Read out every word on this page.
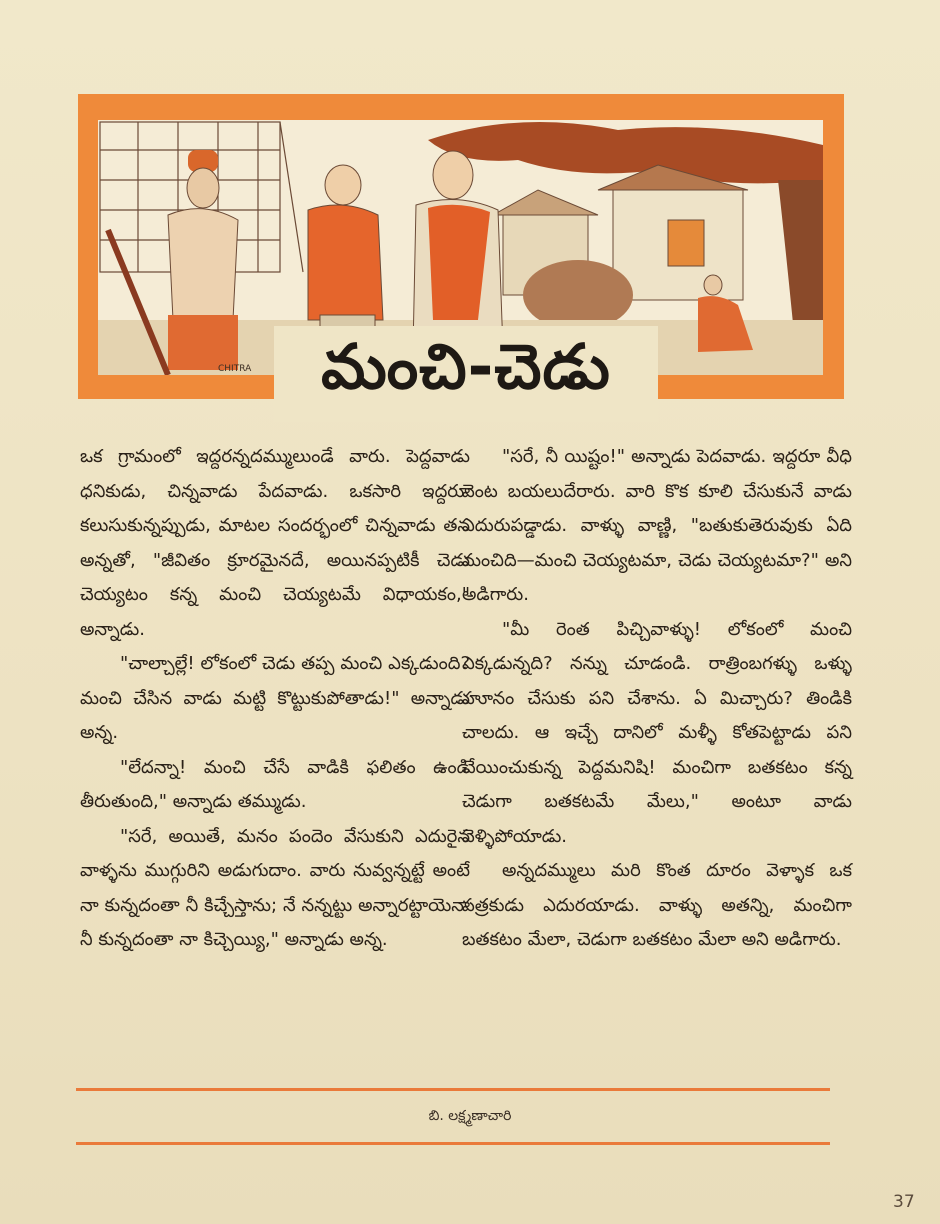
CHITRA మంచి-చెడు

ఒక గ్రామంలో ఇద్దరన్నదమ్ములుండే వారు. పెద్దవాడు ధనికుడు, చిన్నవాడు పేదవాడు. ఒకసారి ఇద్దరూ కలుసుకున్నప్పుడు, మాటల సందర్భంలో చిన్నవాడు తన అన్నతో, "జీవితం క్రూరమైనదే, అయినప్పటికీ చెడు చెయ్యటం కన్న మంచి చెయ్యటమే విధాయకం," అన్నాడు.

"చాల్చాల్లే! లోకంలో చెడు తప్ప మంచి ఎక్కడుంది? మంచి చేసిన వాడు మట్టి కొట్టుకుపోతాడు!" అన్నాడు అన్న.

"లేదన్నా! మంచి చేసే వాడికి ఫలితం ఉండి తీరుతుంది," అన్నాడు తమ్ముడు.

"సరే, అయితే, మనం పందెం వేసుకుని ఎదురైన వాళ్ళను ముగ్గురిని అడుగుదాం. వారు నువ్వన్నట్టే అంటే నా కున్నదంతా నీ కిచ్చేస్తాను; నే నన్నట్టు అన్నారట్టాయెనా నీ కున్నదంతా నా కిచ్చెయ్యి," అన్నాడు అన్న.

"సరే, నీ యిష్టం!" అన్నాడు పెదవాడు. ఇద్దరూ వీధి వెంట బయలుదేరారు. వారి కొక కూలి చేసుకునే వాడు ఎదురుపడ్డాడు. వాళ్ళు వాణ్ణి, "బతుకుతెరువుకు ఏది మంచిది—మంచి చెయ్యటమా, చెడు చెయ్యటమా?" అని అడిగారు.

"మీ రెంత పిచ్చివాళ్ళు! లోకంలో మంచి ఎక్కడున్నది? నన్ను చూడండి. రాత్రింబగళ్ళు ఒళ్ళు హూనం చేసుకు పని చేశాను. ఏ మిచ్చారు? తిండికి చాలదు. ఆ ఇచ్చే దానిలో మళ్ళీ కోతపెట్టాడు పని చేయించుకున్న పెద్దమనిషి! మంచిగా బతకటం కన్న చెడుగా బతకటమే మేలు," అంటూ వాడు వెళ్ళిపోయాడు.

అన్నదమ్ములు మరి కొంత దూరం వెళ్ళాక ఒక పత్రకుడు ఎదురయాడు. వాళ్ళు అతన్ని, మంచిగా బతకటం మేలా, చెడుగా బతకటం మేలా అని అడిగారు.

బి. లక్ష్మణాచారి
37
